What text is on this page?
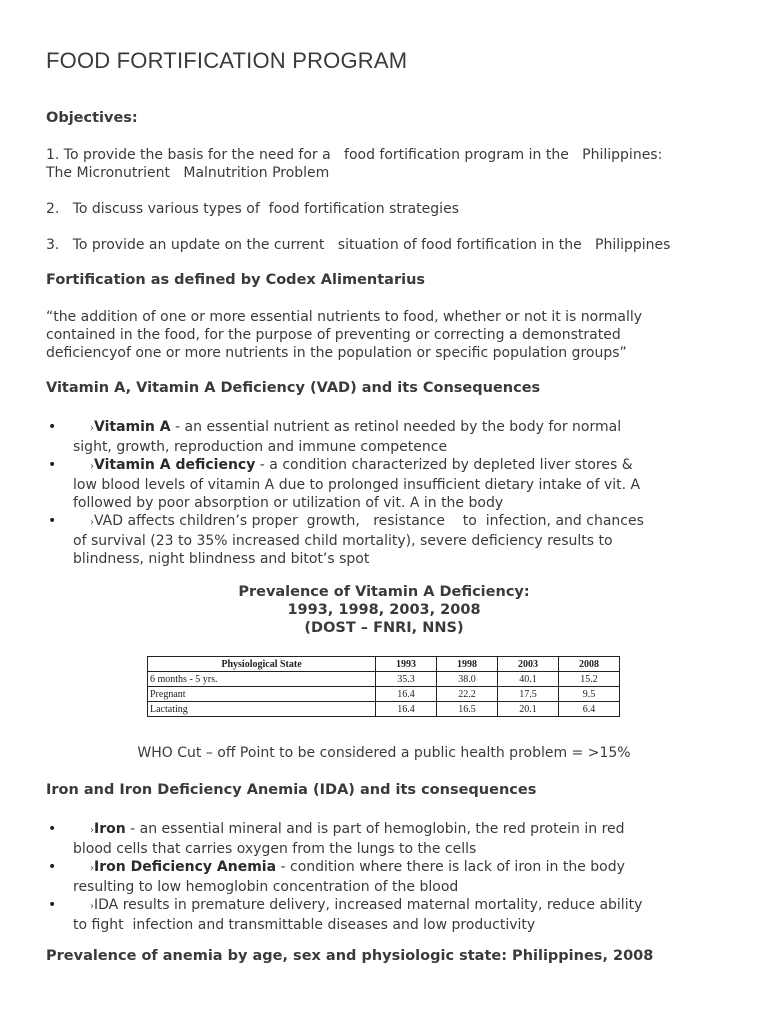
FOOD FORTIFICATION PROGRAM
Objectives:

1. To provide the basis for the need for a   food fortification program in the   Philippines:

The Micronutrient   Malnutrition Problem

2.   To discuss various types of  food fortification strategies

3.   To provide an update on the current   situation of food fortification in the   Philippines

Fortification as defined by Codex Alimentarius

“the addition of one or more essential nutrients to food, whether or not it is normally

contained in the food, for the purpose of preventing or correcting a demonstrated

deficiencyof one or more nutrients in the population or specific population groups”

Vitamin A, Vitamin A Deficiency (VAD) and its Consequences
•	›Vitamin A - an essential nutrient as retinol needed by the body for normal
sight, growth, reproduction and immune competence
•	›Vitamin A deficiency - a condition characterized by depleted liver stores &
low blood levels of vitamin A due to prolonged insufficient dietary intake of vit. A
followed by poor absorption or utilization of vit. A in the body
•	›VAD affects children’s proper  growth,   resistance    to  infection, and chances
of survival (23 to 35% increased child mortality), severe deficiency results to
blindness, night blindness and bitot’s spot
Prevalence of Vitamin A Deficiency:
1993, 1998, 2003, 2008
(DOST – FNRI, NNS)
Physiological State	1993	1998	2003	2008
6 months - 5 yrs.	35.3	38.0	40.1	15.2
Pregnant	16.4	22.2	17.5	9.5
Lactating	16.4	16.5	20.1	6.4

WHO Cut – off Point to be considered a public health problem = >15%

Iron and Iron Deficiency Anemia (IDA) and its consequences
•	›Iron - an essential mineral and is part of hemoglobin, the red protein in red
blood cells that carries oxygen from the lungs to the cells
•	›Iron Deficiency Anemia - condition where there is lack of iron in the body
resulting to low hemoglobin concentration of the blood
•	›IDA results in premature delivery, increased maternal mortality, reduce ability
to fight  infection and transmittable diseases and low productivity
Prevalence of anemia by age, sex and physiologic state: Philippines, 2008
